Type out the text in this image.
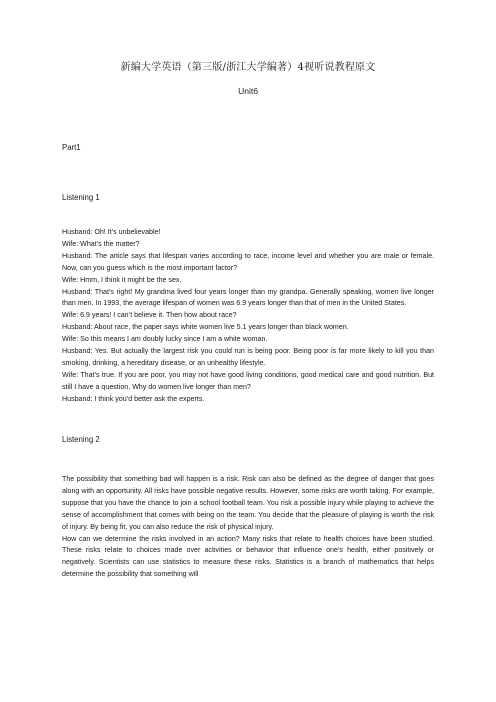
新编大学英语（第三版/浙江大学编著）4视听说教程原文
Unit6
Part1
Listening 1

Husband: Oh! It’s unbelievable!

Wife: What’s the matter?

Husband: The article says that lifespan varies according to race, income level and whether you are male or female. Now, can you guess which is the most important factor?

Wife: Hmm, I think it might be the sex.

Husband: That’s right! My grandma lived four years longer than my grandpa. Generally speaking, women live longer than men. In 1993, the average lifespan of women was 6.9 years longer than that of men in the United States.

Wife: 6.9 years! I can’t believe it. Then how about race?

Husband: About race, the paper says white women live 5.1 years longer than black women.

Wife: So this means I am doubly lucky since I am a white woman.

Husband: Yes. But actually the largest risk you could run is being poor. Being poor is far more likely to kill you than smoking, drinking, a hereditary disease, or an unhealthy lifestyle.

Wife: That’s true. If you are poor, you may not have good living conditions, good medical care and good nutrition. But still I have a question. Why do women live longer than men?

Husband: I think you’d better ask the experts.

Listening 2

The possibility that something bad will happen is a risk. Risk can also be defined as the degree of danger that goes along with an opportunity. All risks have possible negative results. However, some risks are worth taking. For example, suppose that you have the chance to join a school football team. You risk a possible injury while playing to achieve the sense of accomplishment that comes with being on the team. You decide that the pleasure of playing is worth the risk of injury. By being fit, you can also reduce the risk of physical injury.

How can we determine the risks involved in an action? Many risks that relate to health choices have been studied. These risks relate to choices made over activities or behavior that influence one’s health, either positively or negatively. Scientists can use statistics to measure these risks. Statistics is a branch of mathematics that helps determine the possibility that something will
